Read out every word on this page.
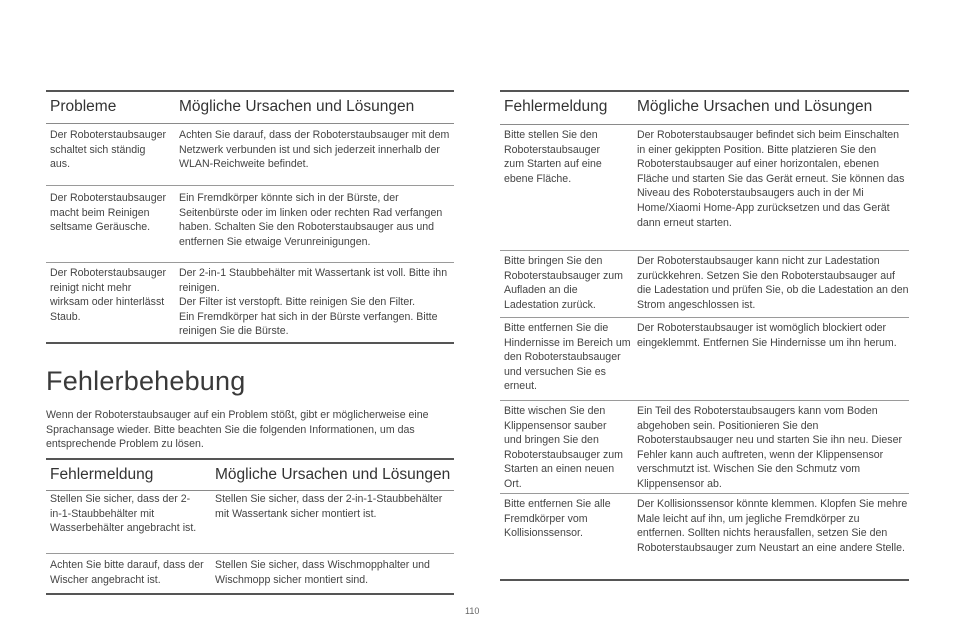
Probleme	Mögliche Ursachen und Lösungen
Der Roboterstaubsauger schaltet sich ständig aus.
Achten Sie darauf, dass der Roboterstaubsauger mit dem Netzwerk verbunden ist und sich jederzeit innerhalb der WLAN-Reichweite befindet.
Der Roboterstaubsauger macht beim Reinigen seltsame Geräusche.
Ein Fremdkörper könnte sich in der Bürste, der Seitenbürste oder im linken oder rechten Rad verfangen haben. Schalten Sie den Roboterstaubsauger aus und entfernen Sie etwaige Verunreinigungen.
Der Roboterstaubsauger reinigt nicht mehr wirksam oder hinterlässt Staub.
Der 2-in-1 Staubbehälter mit Wassertank ist voll. Bitte ihn reinigen.
Der Filter ist verstopft. Bitte reinigen Sie den Filter.
Ein Fremdkörper hat sich in der Bürste verfangen. Bitte reinigen Sie die Bürste.
Fehlerbehebung

Wenn der Roboterstaubsauger auf ein Problem stößt, gibt er möglicherweise eine Sprachansage wieder. Bitte beachten Sie die folgenden Informationen, um das entsprechende Problem zu lösen.

Fehlermeldung	Mögliche Ursachen und Lösungen
Stellen Sie sicher, dass der 2-in-1-Staubbehälter mit Wasserbehälter angebracht ist.
Stellen Sie sicher, dass der 2-in-1-Staubbehälter mit Wassertank sicher montiert ist.
Achten Sie bitte darauf, dass der Wischer angebracht ist.
Stellen Sie sicher, dass Wischmopphalter und Wischmopp sicher montiert sind.
Fehlermeldung Mögliche Ursachen und Lösungen
Bitte stellen Sie den Roboterstaubsauger zum Starten auf eine ebene Fläche.
Der Roboterstaubsauger befindet sich beim Einschalten in einer gekippten Position. Bitte platzieren Sie den Roboterstaubsauger auf einer horizontalen, ebenen Fläche und starten Sie das Gerät erneut. Sie können das Niveau des Roboterstaubsaugers auch in der Mi Home/Xiaomi Home-App zurücksetzen und das Gerät dann erneut starten.
Bitte bringen Sie den Roboterstaubsauger zum Aufladen an die Ladestation zurück.
Der Roboterstaubsauger kann nicht zur Ladestation zurückkehren. Setzen Sie den Roboterstaubsauger auf die Ladestation und prüfen Sie, ob die Ladestation an den Strom angeschlossen ist.
Bitte entfernen Sie die Hindernisse im Bereich um den Roboterstaubsauger und versuchen Sie es erneut.
Der Roboterstaubsauger ist womöglich blockiert oder eingeklemmt. Entfernen Sie Hindernisse um ihn herum.
Bitte wischen Sie den Klippensensor sauber und bringen Sie den Roboterstaubsauger zum Starten an einen neuen Ort.
Ein Teil des Roboterstaubsaugers kann vom Boden abgehoben sein. Positionieren Sie den Roboterstaubsauger neu und starten Sie ihn neu. Dieser Fehler kann auch auftreten, wenn der Klippensensor verschmutzt ist. Wischen Sie den Schmutz vom Klippensensor ab.
Bitte entfernen Sie alle Fremdkörper vom Kollisionssensor.
Der Kollisionssensor könnte klemmen. Klopfen Sie mehre Male leicht auf ihn, um jegliche Fremdkörper zu entfernen. Sollten nichts herausfallen, setzen Sie den Roboterstaubsauger zum Neustart an eine andere Stelle.
110
